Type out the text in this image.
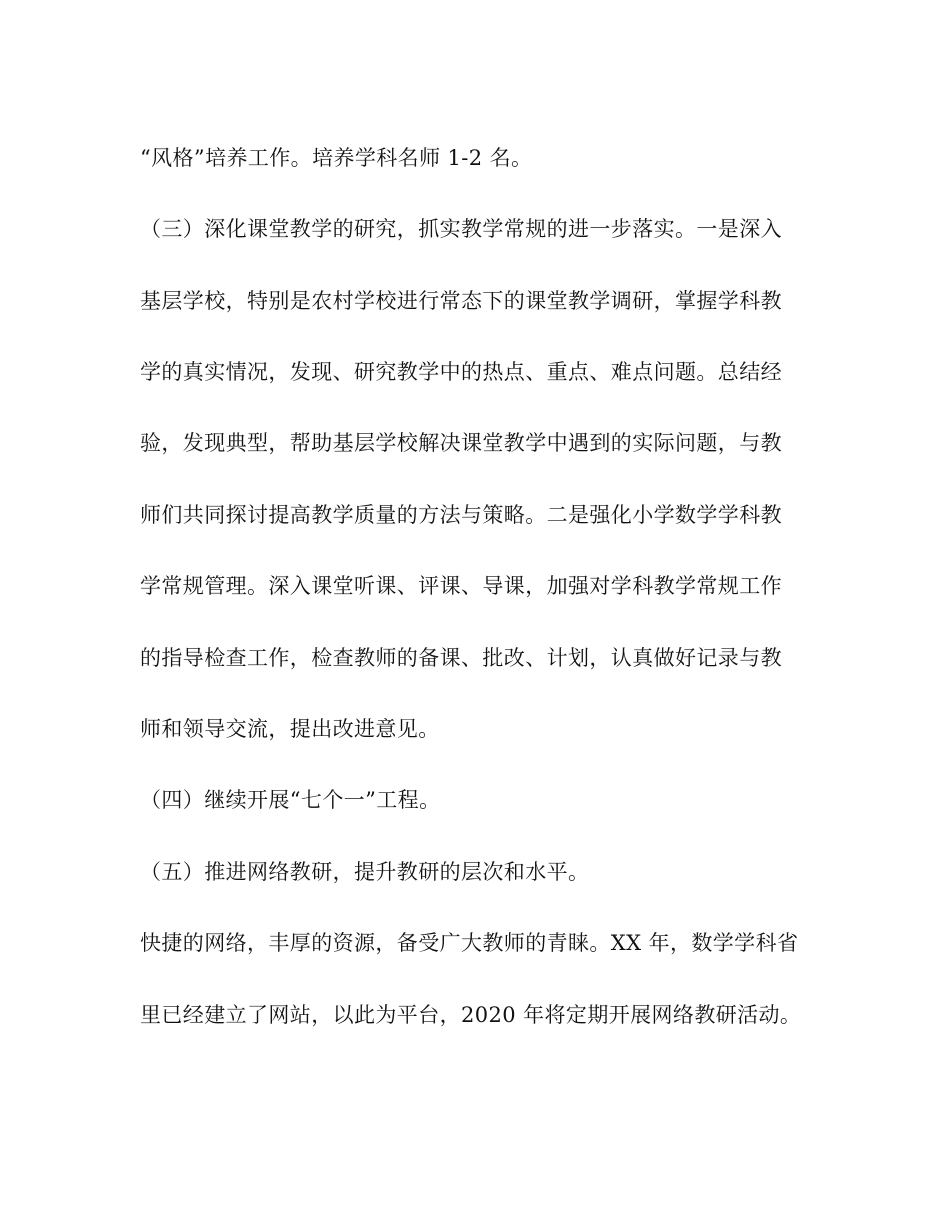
“风格”培养工作。培养学科名师 1-2 名。
（三）深化课堂教学的研究，抓实教学常规的进一步落实。一是深入
基层学校，特别是农村学校进行常态下的课堂教学调研，掌握学科教
学的真实情况，发现、研究教学中的热点、重点、难点问题。总结经
验，发现典型，帮助基层学校解决课堂教学中遇到的实际问题，与教
师们共同探讨提高教学质量的方法与策略。二是强化小学数学学科教
学常规管理。深入课堂听课、评课、导课，加强对学科教学常规工作
的指导检查工作，检查教师的备课、批改、计划，认真做好记录与教
师和领导交流，提出改进意见。
（四）继续开展“七个一”工程。
（五）推进网络教研，提升教研的层次和水平。
快捷的网络，丰厚的资源，备受广大教师的青睐。XX 年，数学学科省
里已经建立了网站，以此为平台，2020 年将定期开展网络教研活动。
